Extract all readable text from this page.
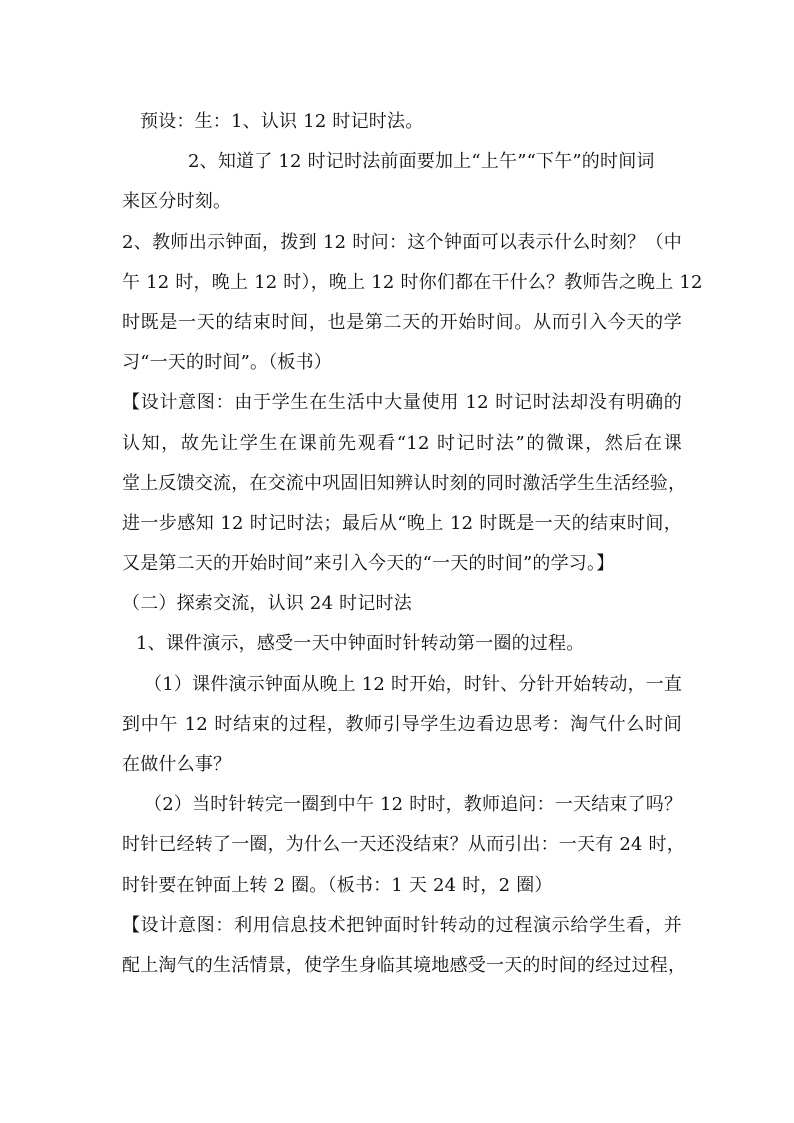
预设：生：1、认识 12 时记时法。
2、知道了 12 时记时法前面要加上“上午”“下午”的时间词
来区分时刻。
2、教师出示钟面，拨到 12 时问：这个钟面可以表示什么时刻？（中
午 12 时，晚上 12 时），晚上 12 时你们都在干什么？教师告之晚上 12
时既是一天的结束时间，也是第二天的开始时间。从而引入今天的学
习“一天的时间”。（板书）
【设计意图：由于学生在生活中大量使用 12 时记时法却没有明确的
认知，故先让学生在课前先观看“12 时记时法”的微课，然后在课
堂上反馈交流，在交流中巩固旧知辨认时刻的同时激活学生生活经验，
进一步感知 12 时记时法；最后从“晚上 12 时既是一天的结束时间，
又是第二天的开始时间”来引入今天的“一天的时间”的学习。】
（二）探索交流，认识 24 时记时法
1、课件演示，感受一天中钟面时针转动第一圈的过程。
（1）课件演示钟面从晚上 12 时开始，时针、分针开始转动，一直
到中午 12 时结束的过程，教师引导学生边看边思考：淘气什么时间
在做什么事？
（2）当时针转完一圈到中午 12 时时，教师追问：一天结束了吗？
时针已经转了一圈，为什么一天还没结束？从而引出：一天有 24 时，
时针要在钟面上转 2 圈。（板书：1 天 24 时，2 圈）
【设计意图：利用信息技术把钟面时针转动的过程演示给学生看，并
配上淘气的生活情景，使学生身临其境地感受一天的时间的经过过程，
